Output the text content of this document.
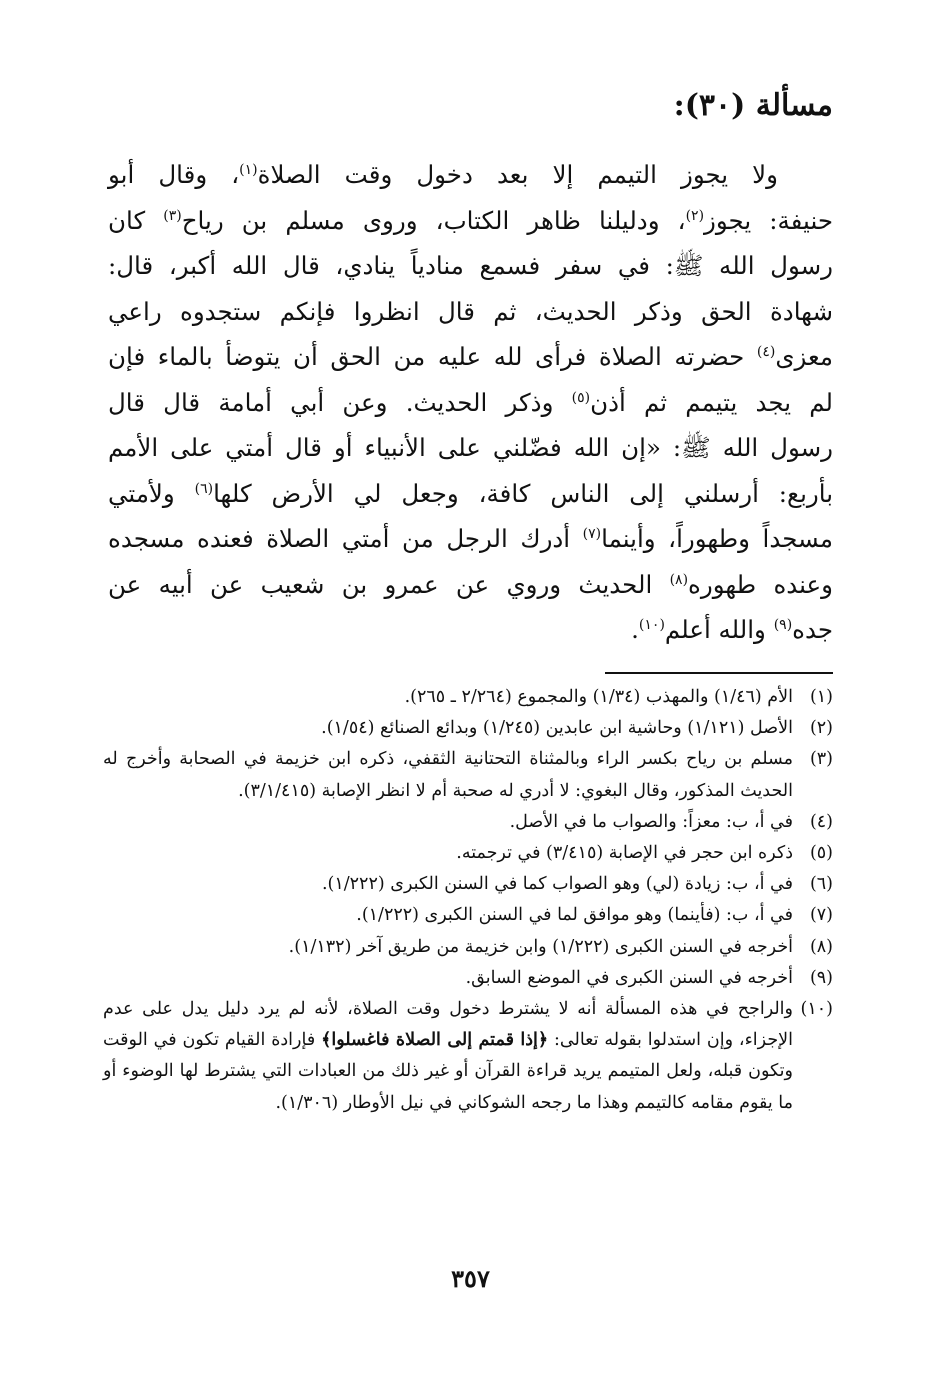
مسألة (٣٠):
ولا يجوز التيمم إلا بعد دخول وقت الصلاة$^{(١)}$، وقال أبو
حنيفة: يجوز$^{(٢)}$، ودليلنا ظاهر الكتاب، وروى مسلم بن رياح$^{(٣)}$ كان
رسول الله ﷺ: في سفر فسمع منادياً ينادي، قال الله أكبر، قال:
شهادة الحق وذكر الحديث، ثم قال انظروا فإنكم ستجدوه راعي
معزى$^{(٤)}$ حضرته الصلاة فرأى لله عليه من الحق أن يتوضأ بالماء فإن
لم يجد يتيمم ثم أذن$^{(٥)}$ وذكر الحديث. وعن أبي أمامة قال قال
رسول الله ﷺ: «إن الله فضّلني على الأنبياء أو قال أمتي على الأمم
بأربع: أرسلني إلى الناس كافة، وجعل لي الأرض كلها$^{(٦)}$ ولأمتي
مسجداً وطهوراً، وأينما$^{(٧)}$ أدرك الرجل من أمتي الصلاة فعنده مسجده
وعنده طهوره$^{(٨)}$ الحديث وروي عن عمرو بن شعيب عن أبيه عن
جده$^{(٩)}$ والله أعلم$^{(١٠)}$.
(١)
الأم (١/٤٦) والمهذب (١/٣٤) والمجموع (٢/٢٦٤ ـ ٢٦٥).
(٢)
الأصل (١/١٢١) وحاشية ابن عابدين (١/٢٤٥) وبدائع الصنائع (١/٥٤).
(٣)
مسلم بن رياح بكسر الراء وبالمثناة التحتانية الثقفي، ذكره ابن خزيمة في الصحابة وأخرج له الحديث المذكور، وقال البغوي: لا أدري له صحبة أم لا انظر الإصابة (٣/١/٤١٥).
(٤)
في أ، ب: معزاً: والصواب ما في الأصل.
(٥)
ذكره ابن حجر في الإصابة (٣/٤١٥) في ترجمته.
(٦)
في أ، ب: زيادة (لي) وهو الصواب كما في السنن الكبرى (١/٢٢٢).
(٧)
في أ، ب: (فأينما) وهو موافق لما في السنن الكبرى (١/٢٢٢).
(٨)
أخرجه في السنن الكبرى (١/٢٢٢) وابن خزيمة من طريق آخر (١/١٣٢).
(٩)
أخرجه في السنن الكبرى في الموضع السابق.
(١٠)
والراجح في هذه المسألة أنه لا يشترط دخول وقت الصلاة، لأنه لم يرد دليل يدل على عدم الإجزاء، وإن استدلوا بقوله تعالى: ﴿إذا قمتم إلى الصلاة فاغسلوا﴾ فإرادة القيام تكون في الوقت وتكون قبله، ولعل المتيمم يريد قراءة القرآن أو غير ذلك من العبادات التي يشترط لها الوضوء أو ما يقوم مقامه كالتيمم وهذا ما رجحه الشوكاني في نيل الأوطار (١/٣٠٦).
٣٥٧
